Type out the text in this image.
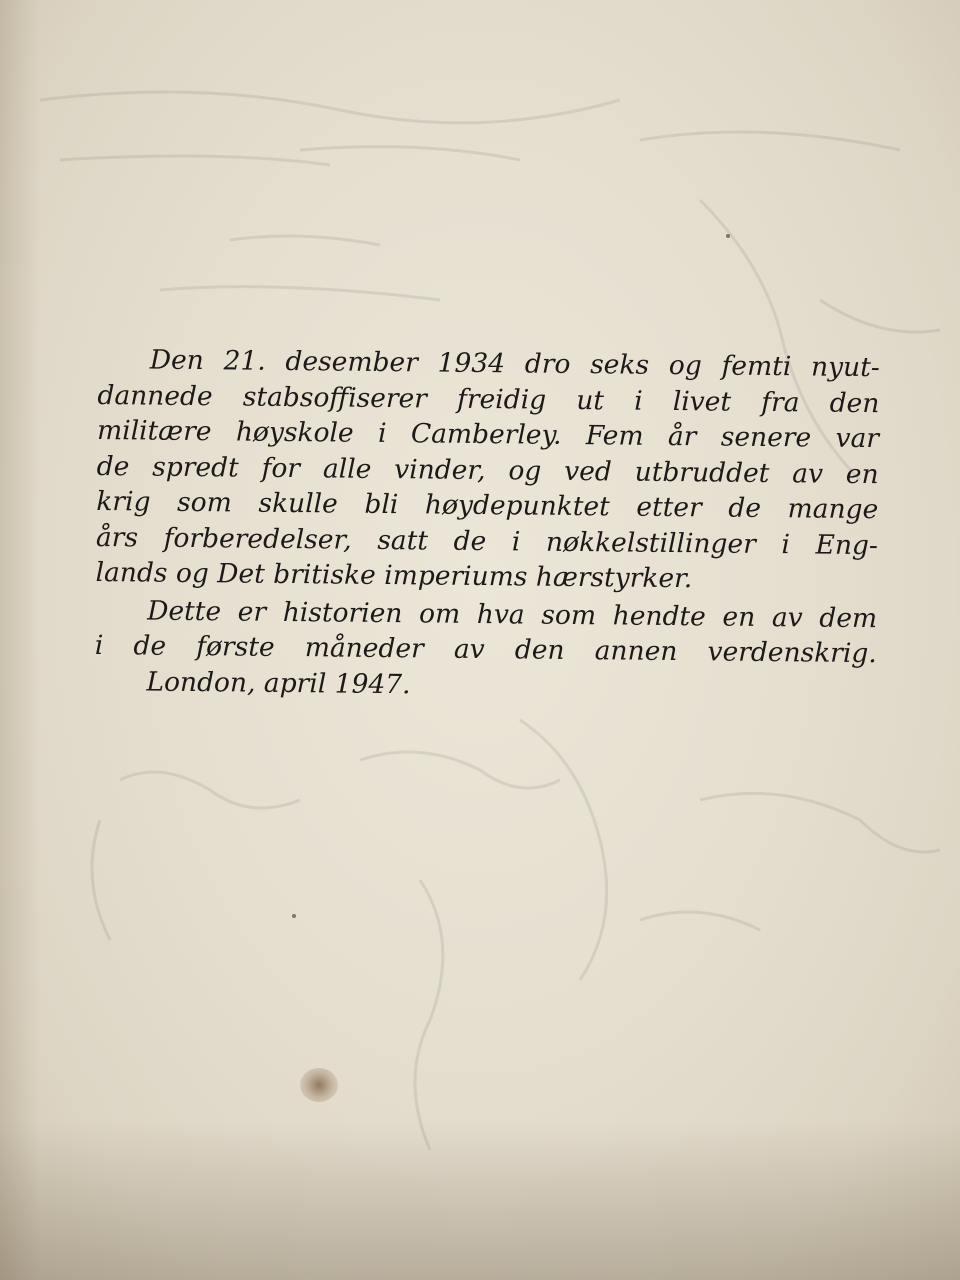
Den 21. desember 1934 dro seks og femti nyut-
dannede stabsoffiserer freidig ut i livet fra den
militære høyskole i Camberley. Fem år senere var
de spredt for alle vinder, og ved utbruddet av en
krig som skulle bli høydepunktet etter de mange
års forberedelser, satt de i nøkkelstillinger i Eng-
lands og Det britiske imperiums hærstyrker.
Dette er historien om hva som hendte en av dem
i de første måneder av den annen verdenskrig.
London, april 1947.
